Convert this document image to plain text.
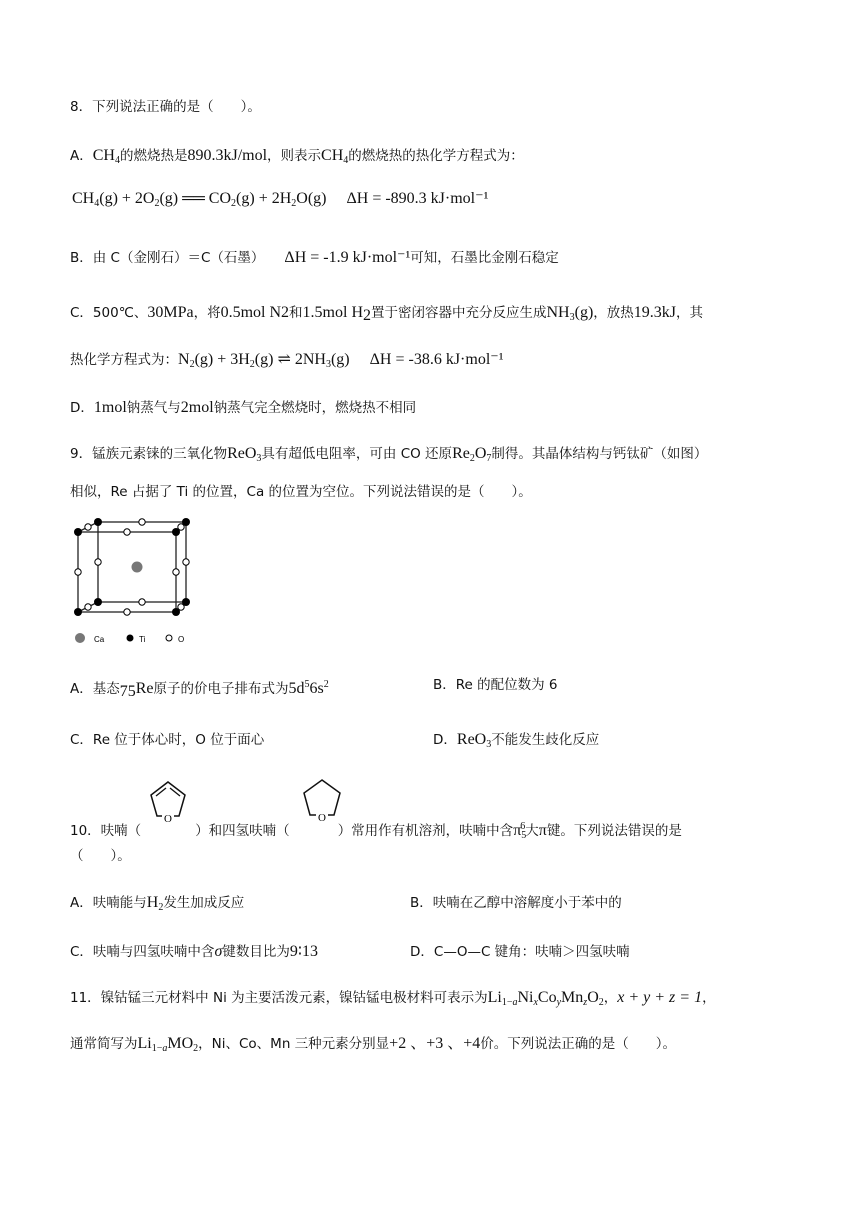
8．下列说法正确的是（　　）。
A．$CH_4$的燃烧热是890.3kJ/mol，则表示$CH_4$的燃烧热的热化学方程式为：
$CH_4(g) + 2O_2(g)$ ══ $CO_2(g) + 2H_2O(g) \Delta H = -890.3$ kJ·mol⁻¹
B．由 C（金刚石）＝C（石墨） ΔH = -1.9 kJ·mol⁻¹可知，石墨比金刚石稳定
C．500℃、30MPa，将0.5mol N2和1.5mol $H_2$置于密闭容器中充分反应生成$NH_3(g)$，放热19.3kJ，其
热化学方程式为：$N_2(g) + 3H_2(g)$ ⇌ $2NH_3(g) \Delta H = -38.6$ kJ·mol⁻¹
D．1mol钠蒸气与2mol钠蒸气完全燃烧时，燃烧热不相同
9．锰族元素铼的三氧化物ReO$_3$具有超低电阻率，可由 CO 还原$Re_2O_7$制得。其晶体结构与钙钛矿（如图）
相似，Re 占据了 Ti 的位置，Ca 的位置为空位。下列说法错误的是（　　）。
Ca	Ti	O
A．基态$_{75}$Re原子的价电子排布式为$5d^56s^2$	B．Re 的配位数为 6
C．Re 位于体心时，O 位于面心	D．ReO$_3$不能发生歧化反应
O	O
10．呋喃（	）和四氢呋喃（	）常用作有机溶剂，呋喃中含$\pi_5^6$大π键。下列说法错误的是
（　　）。
A．呋喃能与$H_2$发生加成反应	B．呋喃在乙醇中溶解度小于苯中的
C．呋喃与四氢呋喃中含σ键数目比为9∶13	D．C—O—C 键角：呋喃＞四氢呋喃
11．镍钴锰三元材料中 Ni 为主要活泼元素，镍钴锰电极材料可表示为$Li_{1-a}Ni_xCo_yMn_zO_2$，x + y + z = 1，
通常简写为$Li_{1-a}MO_2$，Ni、Co、Mn 三种元素分别显+2 、+3 、+4价。下列说法正确的是（　　）。
